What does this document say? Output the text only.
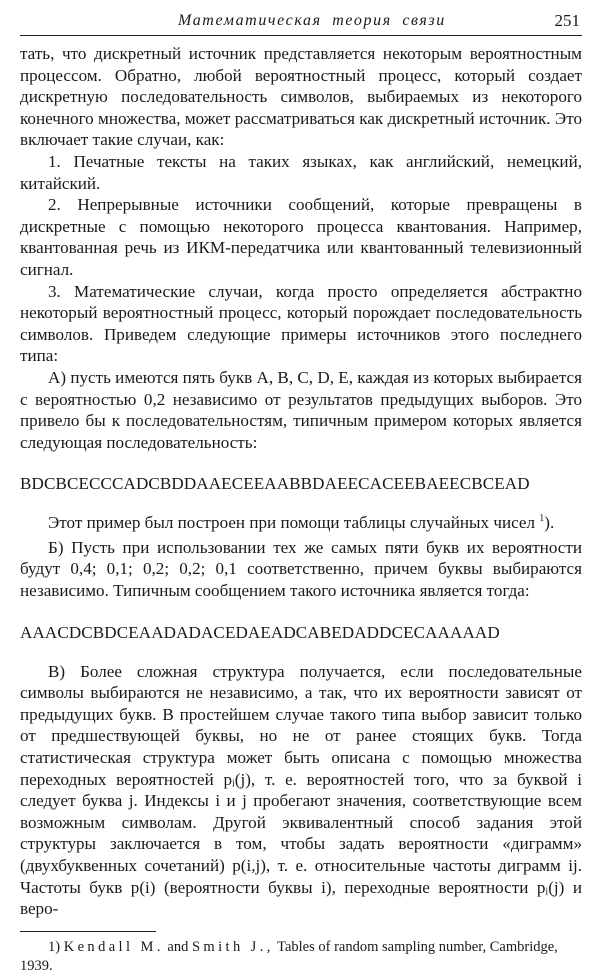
Математическая теория связи	251

тать, что дискретный источник представляется некоторым вероятностным процессом. Обратно, любой вероятностный процесс, который создает дискретную последовательность символов, выбираемых из некоторого конечного множества, может рассматриваться как дискретный источник. Это включает такие случаи, как:

1. Печатные тексты на таких языках, как английский, немецкий, китайский.

2. Непрерывные источники сообщений, которые превращены в дискретные с помощью некоторого процесса квантования. Например, квантованная речь из ИКМ-передатчика или квантованный телевизионный сигнал.

3. Математические случаи, когда просто определяется абстрактно некоторый вероятностный процесс, который порождает последовательность символов. Приведем следующие примеры источников этого последнего типа:

А) пусть имеются пять букв А, В, С, D, Е, каждая из которых выбирается с вероятностью 0,2 независимо от результатов предыдущих выборов. Это привело бы к последовательностям, типичным примером которых является следующая последовательность:

BDCBCECCCADCBDDAAECEEAABBDAEECACEEBAEECBCEAD

Этот пример был построен при помощи таблицы случайных чисел $^1$).

Б) Пусть при использовании тех же самых пяти букв их вероятности будут 0,4; 0,1; 0,2; 0,2; 0,1 соответственно, причем буквы выбираются независимо. Типичным сообщением такого источника является тогда:

AAACDCBDCEAADADACEDAEADCABEDADDCECAAAAAD

В) Более сложная структура получается, если последовательные символы выбираются не независимо, а так, что их вероятности зависят от предыдущих букв. В простейшем случае такого типа выбор зависит только от предшествующей буквы, но не от ранее стоящих букв. Тогда статистическая структура может быть описана с помощью множества переходных вероятностей pᵢ(j), т. е. вероятностей того, что за буквой i следует буква j. Индексы i и j пробегают значения, соответствующие всем возможным символам. Другой эквивалентный способ задания этой структуры заключается в том, чтобы задать вероятности «диграмм» (двухбуквенных сочетаний) p(i,j), т. е. относительные частоты диграмм ij. Частоты букв p(i) (вероятности буквы i), переходные вероятности pᵢ(j) и веро-

1) Kendall M. and Smith J., Tables of random sampling number, Cambridge, 1939.
